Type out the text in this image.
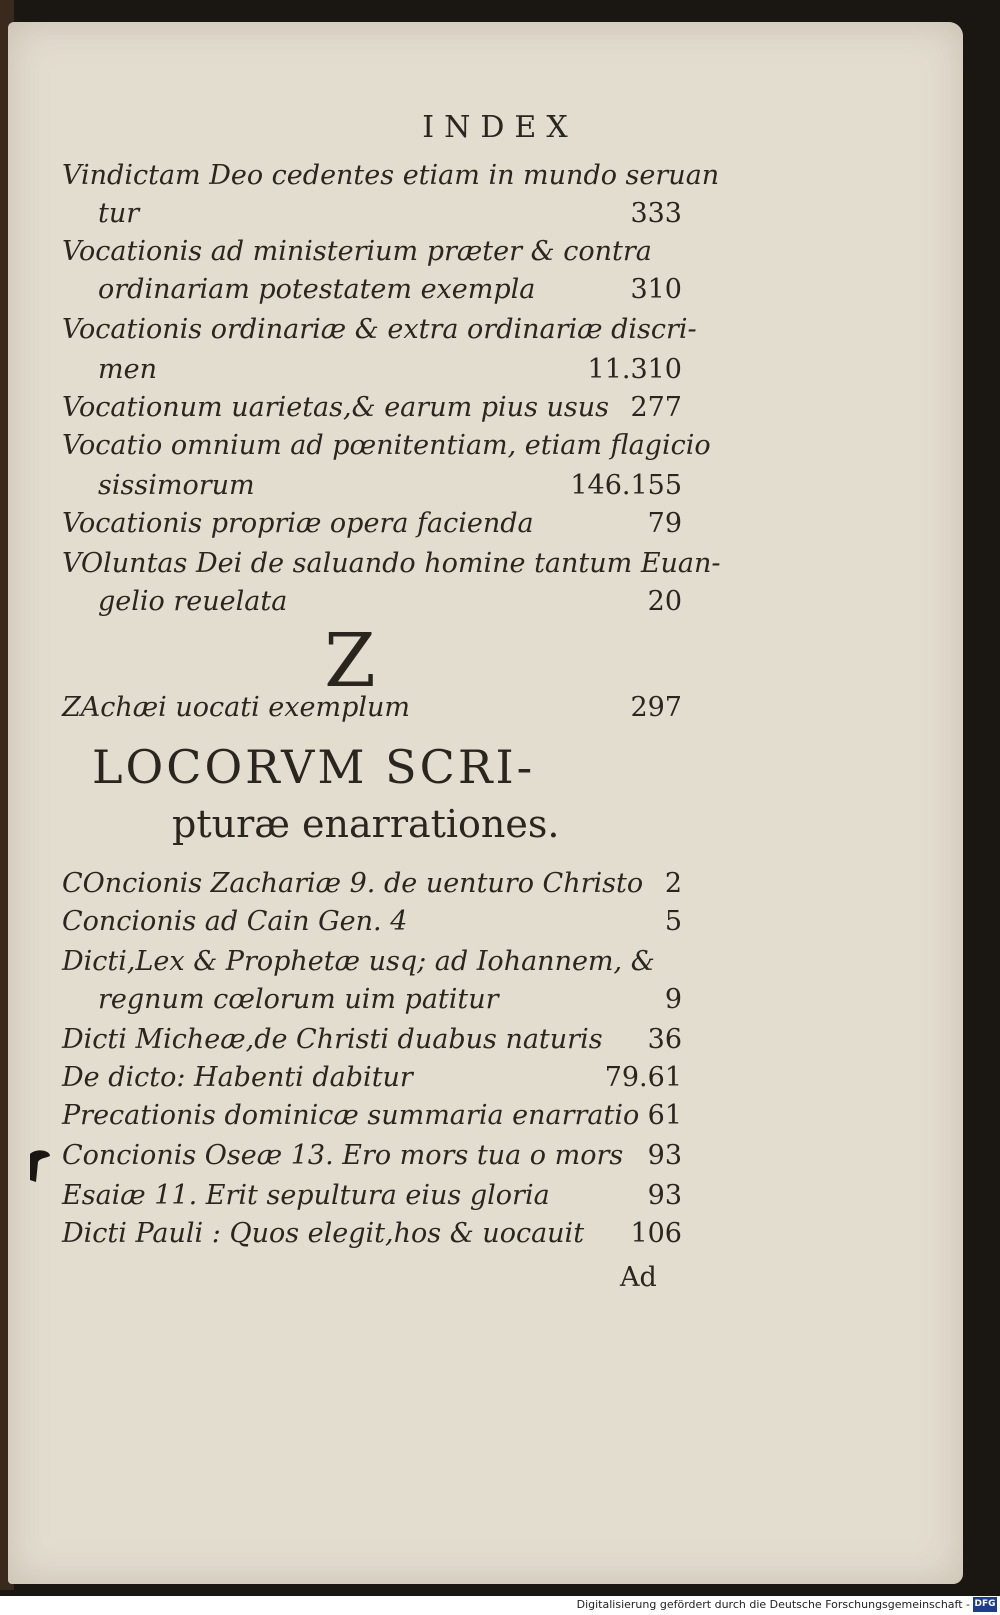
INDEX
Vindictam Deo cedentes etiam in mundo seruan
tur	333
Vocationis ad ministerium præter & contra
ordinariam potestatem exempla	310
Vocationis ordinariæ & extra ordinariæ discri-
men	11.310
Vocationum uarietas,& earum pius usus 277
Vocatio omnium ad pœnitentiam, etiam flagicio
sissimorum	146.155
Vocationis propriæ opera facienda	79
VOluntas Dei de saluando homine tantum Euan-
gelio reuelata	20
Z
ZAchæi uocati exemplum	297
LOCORVM SCRI-
pturæ enarrationes.
COncionis Zachariæ 9. de uenturo Christo 2
Concionis ad Cain Gen. 4	5
Dicti,Lex & Prophetæ usq; ad Iohannem, &
regnum cœlorum uim patitur	9
Dicti Micheæ,de Christi duabus naturis 36
De dicto: Habenti dabitur	79.61
Precationis dominicæ summaria enarratio 61
Concionis Oseæ 13. Ero mors tua o mors 93
Esaiæ 11. Erit sepultura eius gloria	93
Dicti Pauli : Quos elegit,hos & uocauit 106
Ad
Digitalisierung gefördert durch die Deutsche Forschungsgemeinschaft - DFG
